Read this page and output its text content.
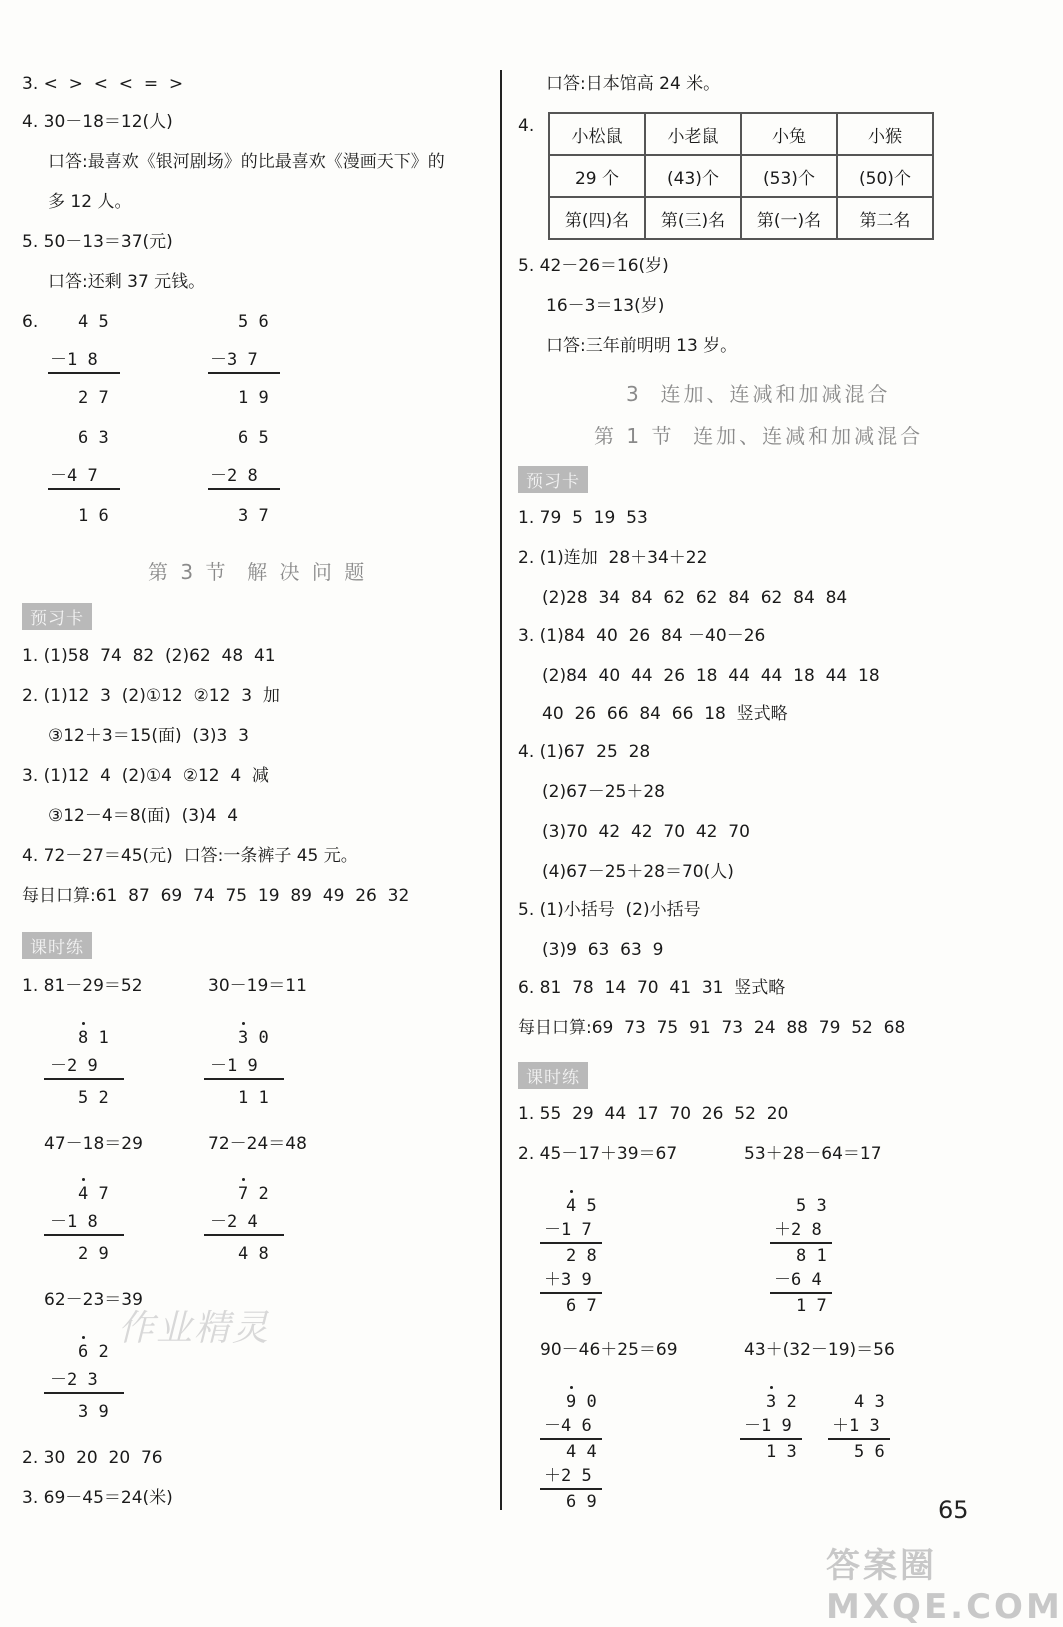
3. <  >  <  <  =  >
4. 30－18＝12(人)
口答:最喜欢《银河剧场》的比最喜欢《漫画天下》的
多 12 人。
5. 50－13＝37(元)
口答:还剩 37 元钱。
6. 4 5
－1 8
2 7
5 6
－3 7
1 9
6 3
－4 7
1 6
6 5
－2 8
3 7
第 3 节  解 决 问 题
预习卡
1. (1)58  74  82  (2)62  48  41
2. (1)12  3  (2)①12  ②12  3  加
③12＋3＝15(面)  (3)3  3
3. (1)12  4  (2)①4  ②12  4  减
③12－4＝8(面)  (3)4  4
4. 72－27＝45(元)  口答:一条裤子 45 元。
每日口算:61  87  69  74  75  19  89  49  26  32
课时练
1. 81－29＝52	30－19＝11
8 1
－2 9
5 2
3 0
－1 9
1 1
47－18＝29	72－24＝48
4 7
－1 8
2 9
7 2
－2 4
4 8
62－23＝39
作业精灵
6 2
－2 3
3 9
2. 30  20  20  76
3. 69－45＝24(米)
口答:日本馆高 24 米。
4.
小松鼠	小老鼠	小兔	小猴
29 个	(43)个	(53)个	(50)个
第(四)名	第(三)名	第(一)名	第二名
5. 42－26＝16(岁)
16－3＝13(岁)
口答:三年前明明 13 岁。
3  连加、连减和加减混合
第 1 节  连加、连减和加减混合
预习卡
1. 79  5  19  53
2. (1)连加  28＋34＋22
(2)28  34  84  62  62  84  62  84  84
3. (1)84  40  26  84 －40－26
(2)84  40  44  26  18  44  44  18  44  18
40  26  66  84  66  18  竖式略
4. (1)67  25  28
(2)67－25＋28
(3)70  42  42  70  42  70
(4)67－25＋28＝70(人)
5. (1)小括号  (2)小括号
(3)9  63  63  9
6. 81  78  14  70  41  31  竖式略
每日口算:69  73  75  91  73  24  88  79  52  68
课时练
1. 55  29  44  17  70  26  52  20
2. 45－17＋39＝67	53＋28－64＝17
4 5
－1 7
2 8
＋3 9
6 7
5 3
＋2 8
8 1
－6 4
1 7
90－46＋25＝69	43＋(32－19)＝56
9 0
－4 6
4 4
＋2 5
6 9
3 2
－1 9
1 3
4 3
＋1 3
5 6
65
答案圈 MXQE.COM
